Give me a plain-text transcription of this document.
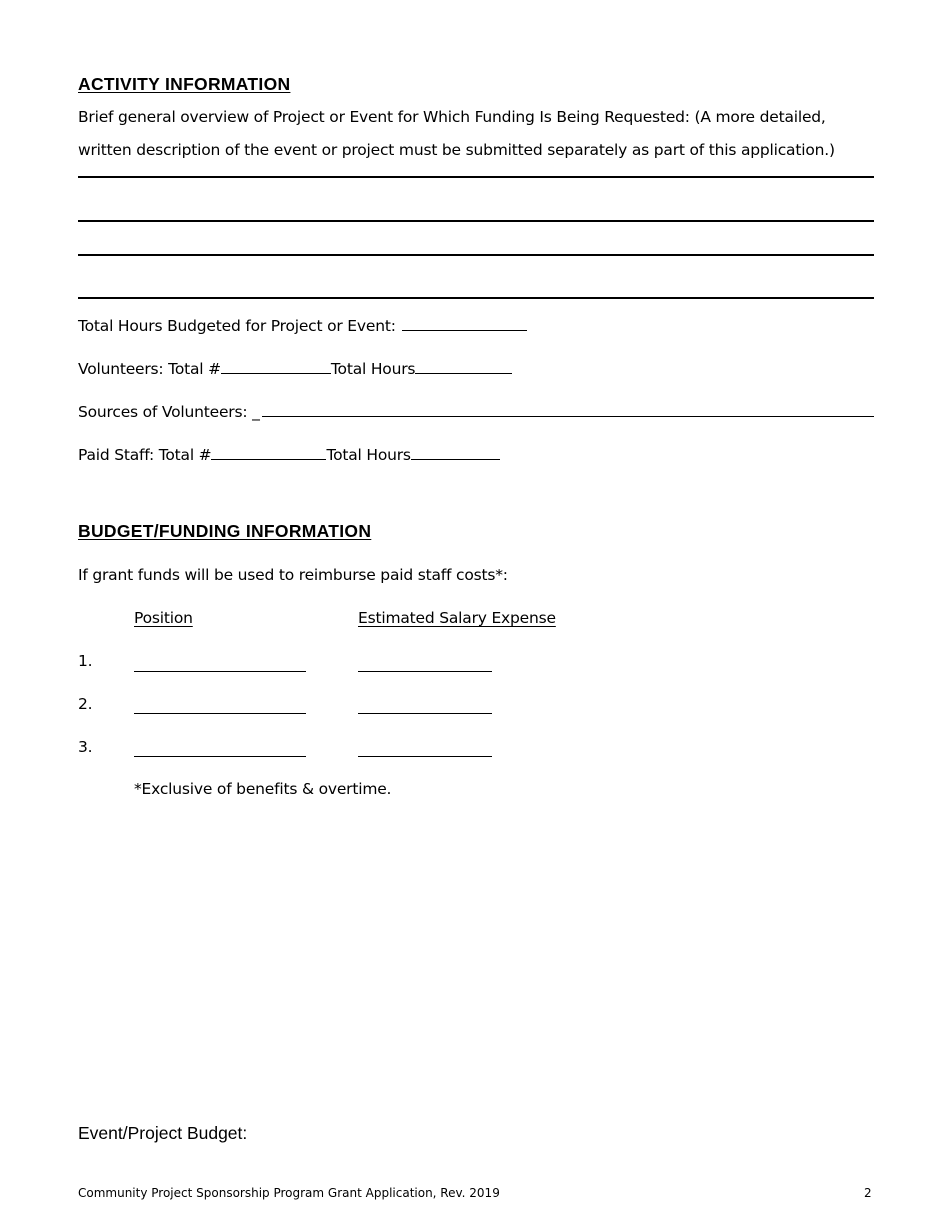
ACTIVITY INFORMATION
Brief general overview of Project or Event for Which Funding Is Being Requested: (A more detailed,
written description of the event or project must be submitted separately as part of this application.)
Total Hours Budgeted for Project or Event:
Volunteers: Total #	Total Hours
Sources of Volunteers: _
Paid Staff: Total #	Total Hours
BUDGET/FUNDING INFORMATION
If grant funds will be used to reimburse paid staff costs*:
Position	Estimated Salary Expense
1.
2.
3.
*Exclusive of benefits & overtime.
Event/Project Budget:
Community Project Sponsorship Program Grant Application, Rev. 2019	2
